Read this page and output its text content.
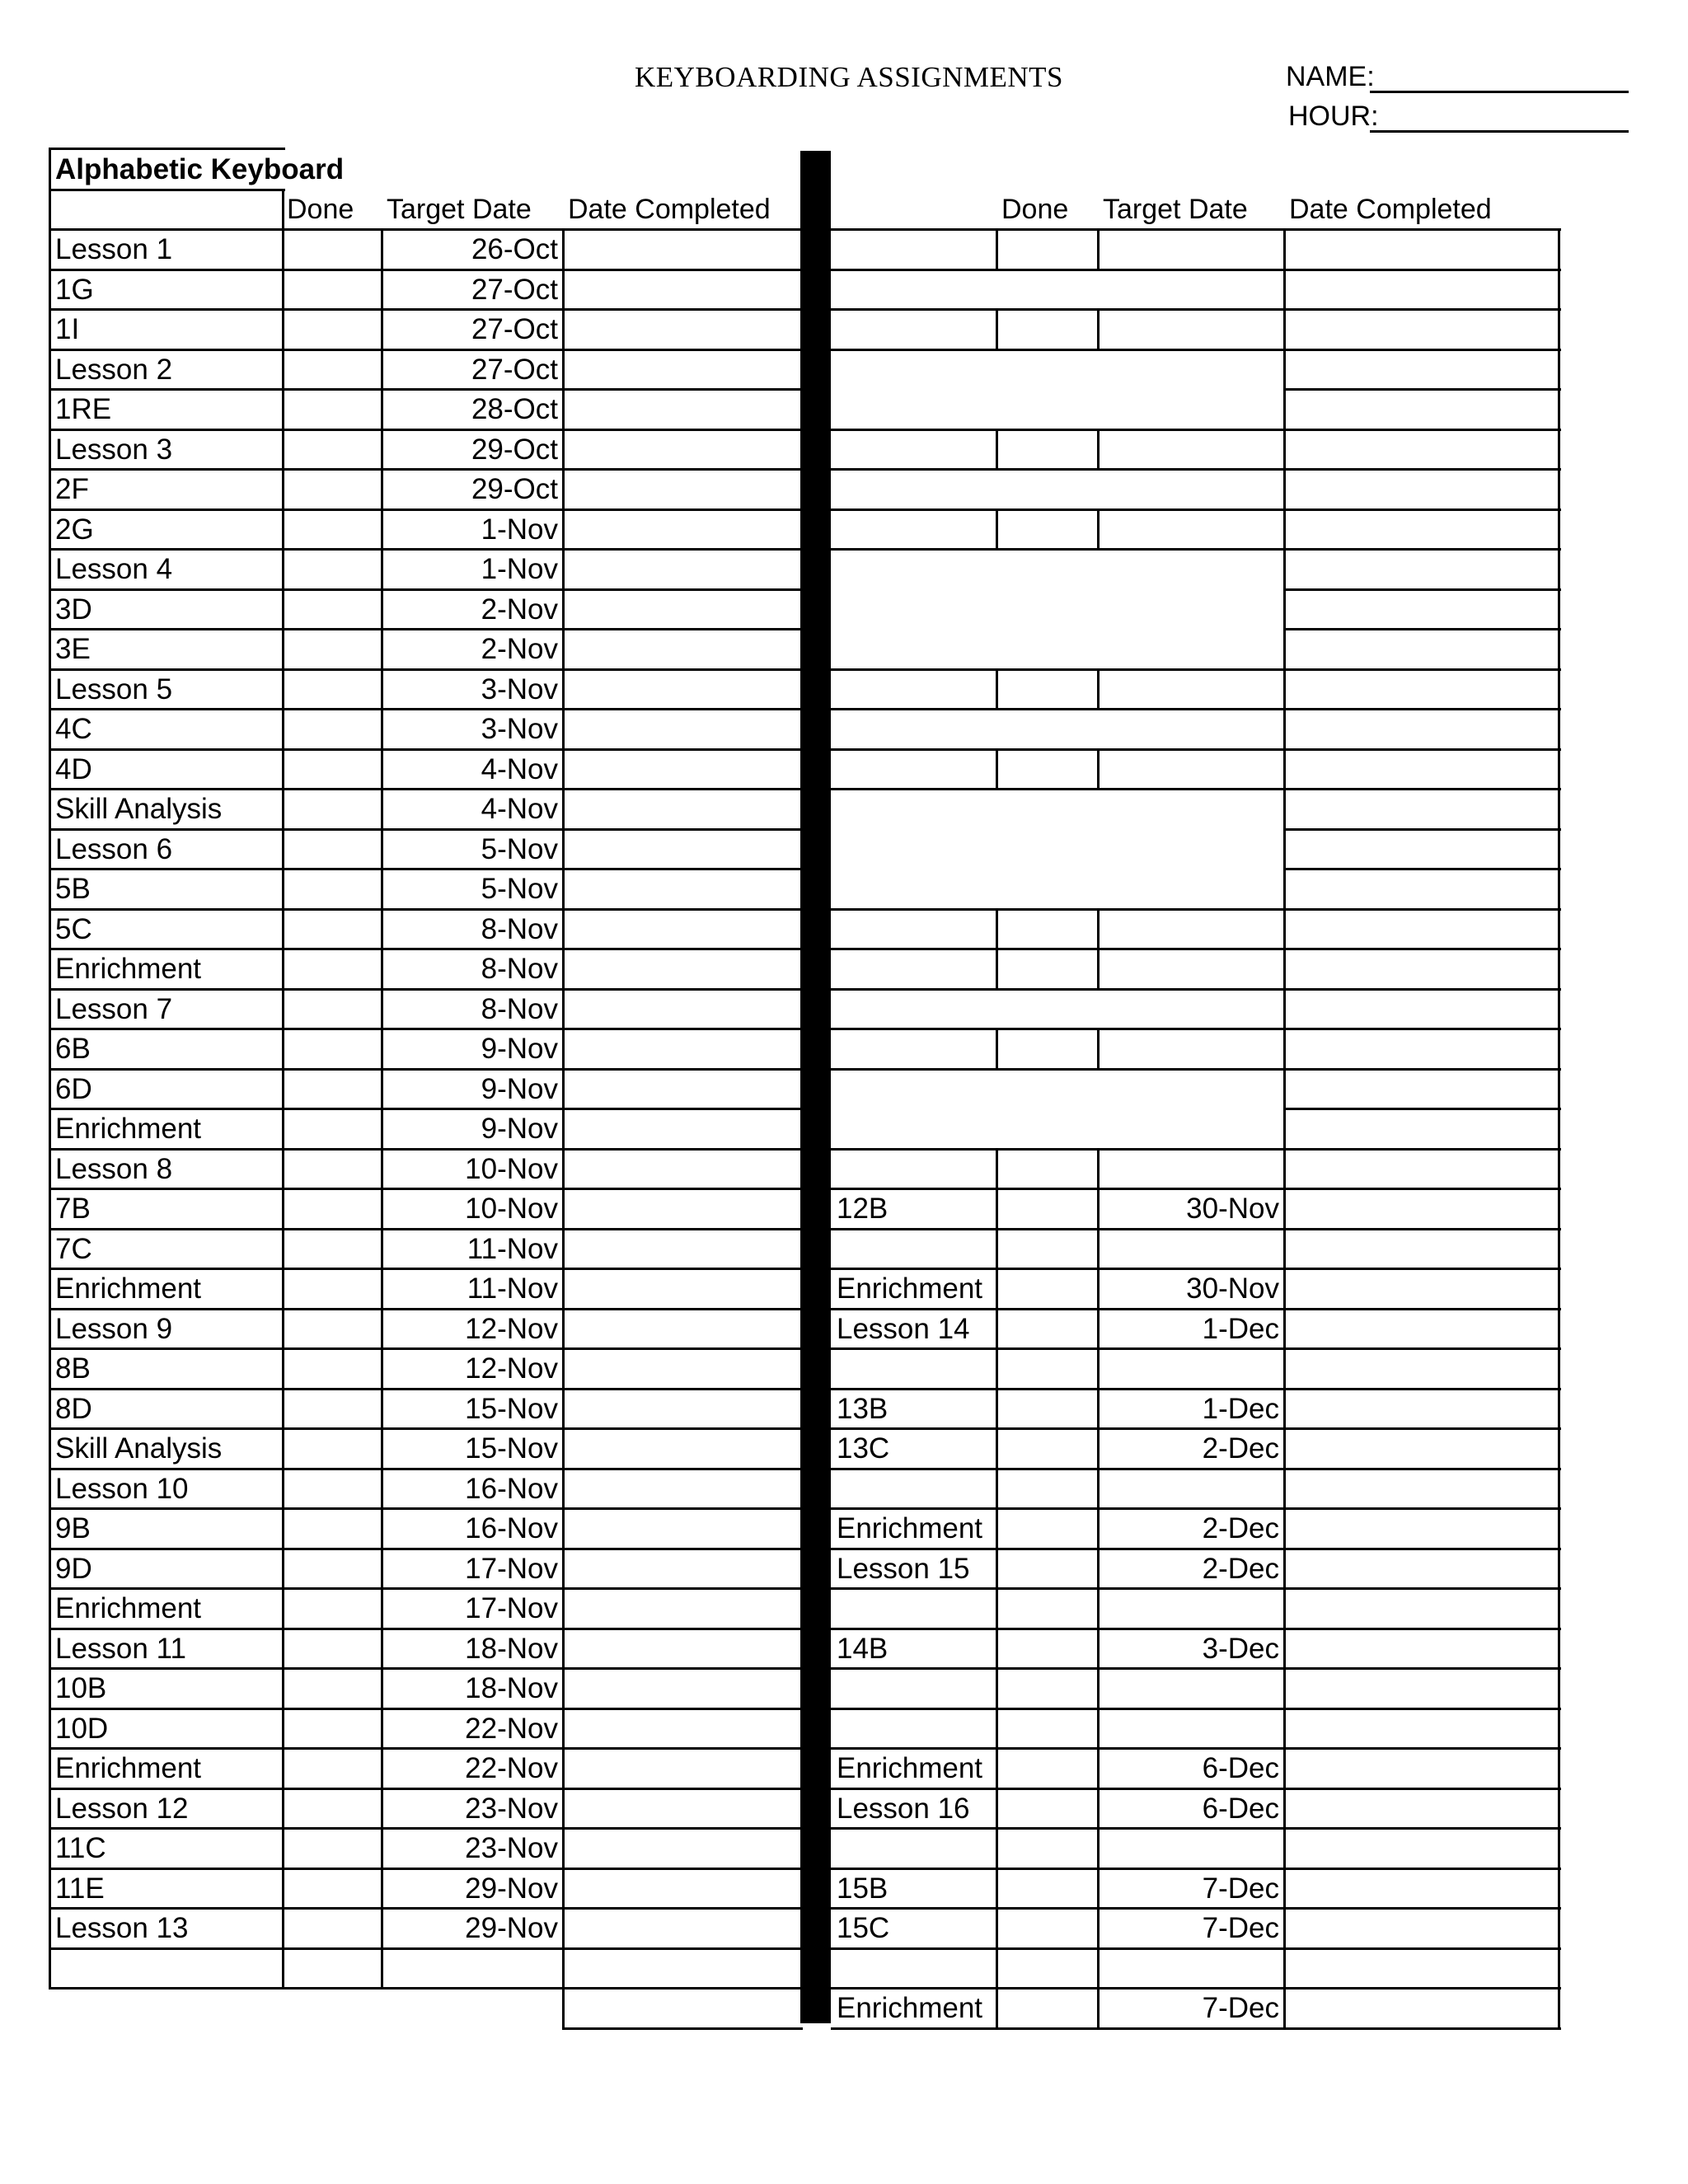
KEYBOARDING ASSIGNMENTS	NAME:
HOUR:
Alphabetic Keyboard
Done Target Date Date Completed	Done Target Date Date Completed
Lesson 1	26-Oct
1G	27-Oct
1I	27-Oct
Lesson 2	27-Oct
1RE	28-Oct
Lesson 3	29-Oct
2F	29-Oct
2G	1-Nov
Lesson 4	1-Nov
3D	2-Nov
3E	2-Nov
Lesson 5	3-Nov
4C	3-Nov
4D	4-Nov
Skill Analysis	4-Nov
Lesson 6	5-Nov
5B	5-Nov
5C	8-Nov
Enrichment	8-Nov
Lesson 7	8-Nov
6B	9-Nov
6D	9-Nov
Enrichment	9-Nov
Lesson 8	10-Nov
7B	10-Nov
7C	11-Nov
Enrichment	11-Nov
Lesson 9	12-Nov
8B	12-Nov
8D	15-Nov
Skill Analysis	15-Nov
Lesson 10	16-Nov
9B	16-Nov
9D	17-Nov
Enrichment	17-Nov
Lesson 11	18-Nov
10B	18-Nov
10D	22-Nov
Enrichment	22-Nov
Lesson 12	23-Nov
11C	23-Nov
11E	29-Nov
Lesson 13	29-Nov
12B	30-Nov
Enrichment	30-Nov
Lesson 14	1-Dec
13B	1-Dec
13C	2-Dec
Enrichment	2-Dec
Lesson 15	2-Dec
14B	3-Dec
Enrichment	6-Dec
Lesson 16	6-Dec
15B	7-Dec
15C	7-Dec
Enrichment	7-Dec
